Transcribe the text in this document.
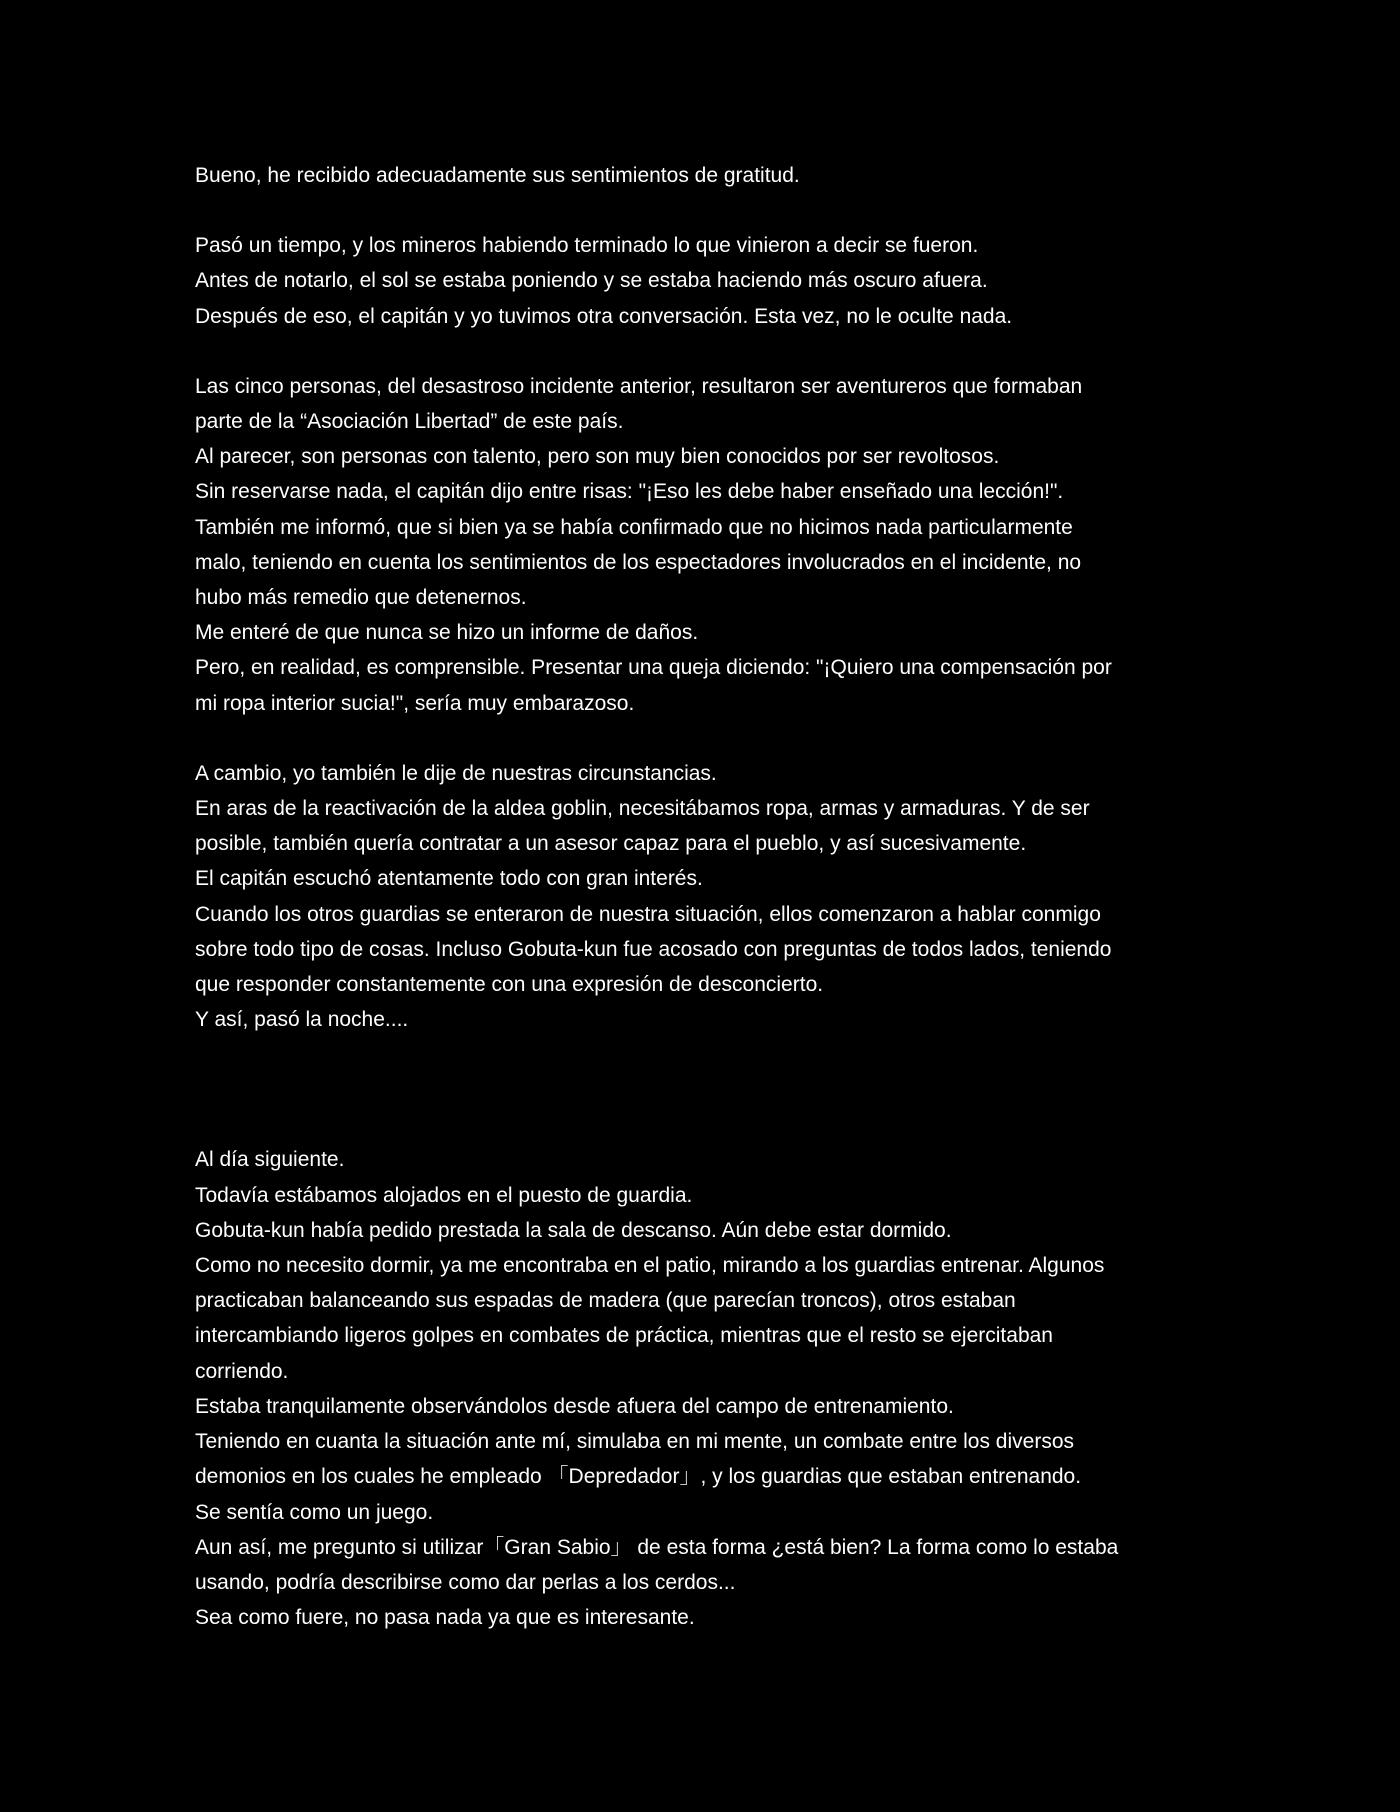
Bueno, he recibido adecuadamente sus sentimientos de gratitud.
Pasó un tiempo, y los mineros habiendo terminado lo que vinieron a decir se fueron.
Antes de notarlo, el sol se estaba poniendo y se estaba haciendo más oscuro afuera.
Después de eso, el capitán y yo tuvimos otra conversación. Esta vez, no le oculte nada.
Las cinco personas, del desastroso incidente anterior, resultaron ser aventureros que formaban
parte de la “Asociación Libertad” de este país.
Al parecer, son personas con talento, pero son muy bien conocidos por ser revoltosos.
Sin reservarse nada, el capitán dijo entre risas: "¡Eso les debe haber enseñado una lección!".
También me informó, que si bien ya se había confirmado que no hicimos nada particularmente
malo, teniendo en cuenta los sentimientos de los espectadores involucrados en el incidente, no
hubo más remedio que detenernos.
Me enteré de que nunca se hizo un informe de daños.
Pero, en realidad, es comprensible. Presentar una queja diciendo: "¡Quiero una compensación por
mi ropa interior sucia!", sería muy embarazoso.
A cambio, yo también le dije de nuestras circunstancias.
En aras de la reactivación de la aldea goblin, necesitábamos ropa, armas y armaduras. Y de ser
posible, también quería contratar a un asesor capaz para el pueblo, y así sucesivamente.
El capitán escuchó atentamente todo con gran interés.
Cuando los otros guardias se enteraron de nuestra situación, ellos comenzaron a hablar conmigo
sobre todo tipo de cosas. Incluso Gobuta-kun fue acosado con preguntas de todos lados, teniendo
que responder constantemente con una expresión de desconcierto.
Y así, pasó la noche....
Al día siguiente.
Todavía estábamos alojados en el puesto de guardia.
Gobuta-kun había pedido prestada la sala de descanso. Aún debe estar dormido.
Como no necesito dormir, ya me encontraba en el patio, mirando a los guardias entrenar. Algunos
practicaban balanceando sus espadas de madera (que parecían troncos), otros estaban
intercambiando ligeros golpes en combates de práctica, mientras que el resto se ejercitaban
corriendo.
Estaba tranquilamente observándolos desde afuera del campo de entrenamiento.
Teniendo en cuanta la situación ante mí, simulaba en mi mente, un combate entre los diversos
demonios en los cuales he empleado 「Depredador」, y los guardias que estaban entrenando.
Se sentía como un juego.
Aun así, me pregunto si utilizar「Gran Sabio」 de esta forma ¿está bien? La forma como lo estaba
usando, podría describirse como dar perlas a los cerdos...
Sea como fuere, no pasa nada ya que es interesante.
